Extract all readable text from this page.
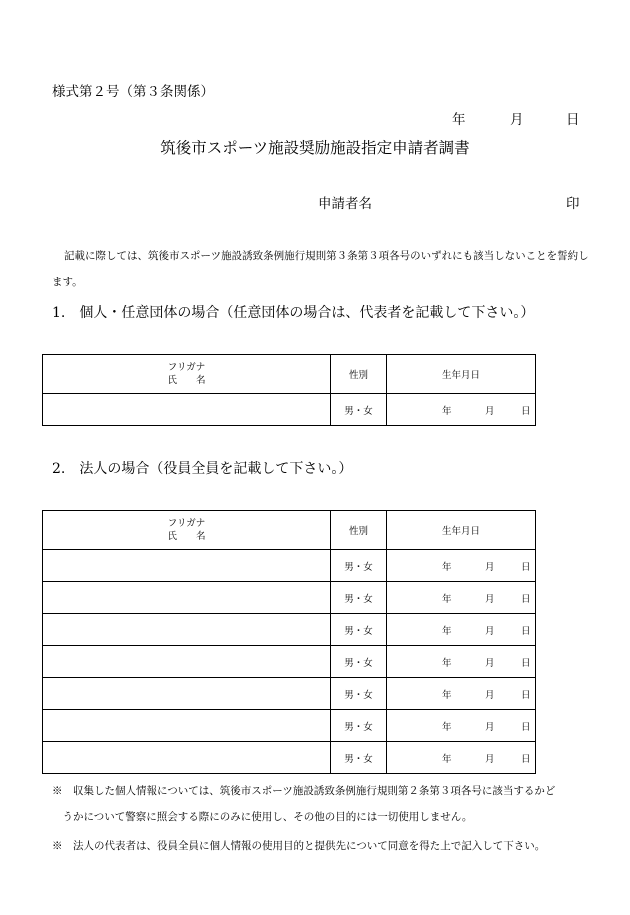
様式第２号（第３条関係）
年	月	日
筑後市スポーツ施設奨励施設指定申請者調書
申請者名	印
記載に際しては、筑後市スポーツ施設誘致条例施行規則第３条第３項各号のいずれにも該当しないことを誓約します。
1.　個人・任意団体の場合（任意団体の場合は、代表者を記載して下さい。）
フリガナ
氏　　名	性別	生年月日
	男・女	年 月 日
2.　法人の場合（役員全員を記載して下さい。）
フリガナ
氏　　名	性別	生年月日
	男・女	年 月 日

	男・女	年 月 日

	男・女	年 月 日

	男・女	年 月 日

	男・女	年 月 日

	男・女	年 月 日

	男・女	年 月 日
※　収集した個人情報については、筑後市スポーツ施設誘致条例施行規則第２条第３項各号に該当するかど
　うかについて警察に照会する際にのみに使用し、その他の目的には一切使用しません。
※　法人の代表者は、役員全員に個人情報の使用目的と提供先について同意を得た上で記入して下さい。
